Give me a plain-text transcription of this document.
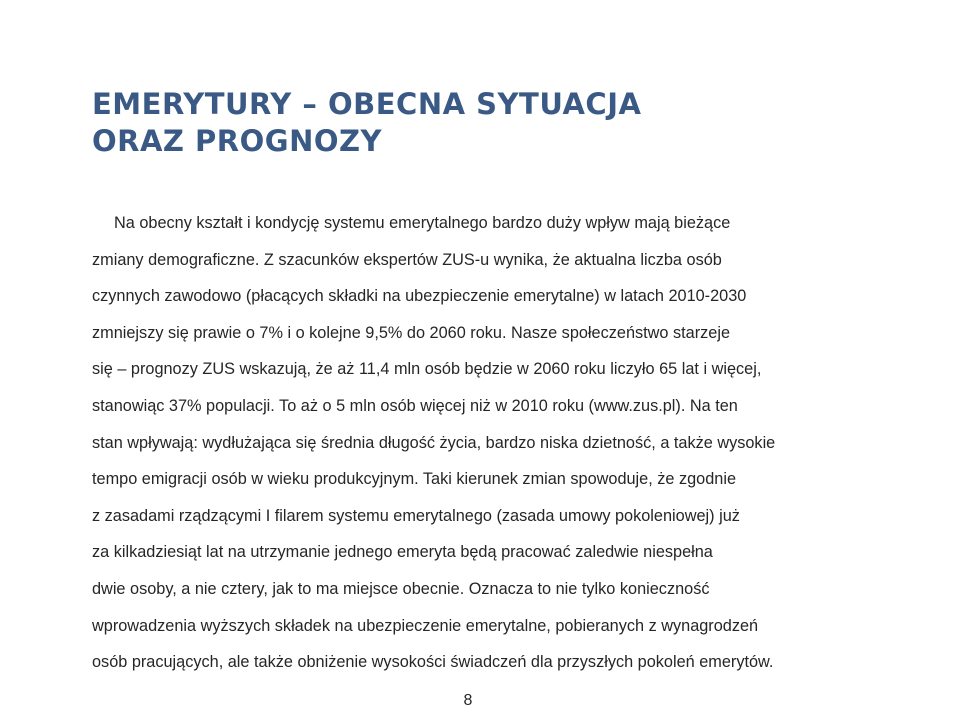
EMERYTURY – OBECNA SYTUACJA
ORAZ PROGNOZY
Na obecny kształt i kondycję systemu emerytalnego bardzo duży wpływ mają bieżące
zmiany demograficzne. Z szacunków ekspertów ZUS-u wynika, że aktualna liczba osób
czynnych zawodowo (płacących składki na ubezpieczenie emerytalne) w latach 2010-2030
zmniejszy się prawie o 7% i o kolejne 9,5% do 2060 roku. Nasze społeczeństwo starzeje
się – prognozy ZUS wskazują, że aż 11,4 mln osób będzie w 2060 roku liczyło 65 lat i więcej,
stanowiąc 37% populacji. To aż o 5 mln osób więcej niż w 2010 roku (www.zus.pl). Na ten
stan wpływają: wydłużająca się średnia długość życia, bardzo niska dzietność, a także wysokie
tempo emigracji osób w wieku produkcyjnym. Taki kierunek zmian spowoduje, że zgodnie
z zasadami rządzącymi I filarem systemu emerytalnego (zasada umowy pokoleniowej) już
za kilkadziesiąt lat na utrzymanie jednego emeryta będą pracować zaledwie niespełna
dwie osoby, a nie cztery, jak to ma miejsce obecnie. Oznacza to nie tylko konieczność
wprowadzenia wyższych składek na ubezpieczenie emerytalne, pobieranych z wynagrodzeń
osób pracujących, ale także obniżenie wysokości świadczeń dla przyszłych pokoleń emerytów.
8
